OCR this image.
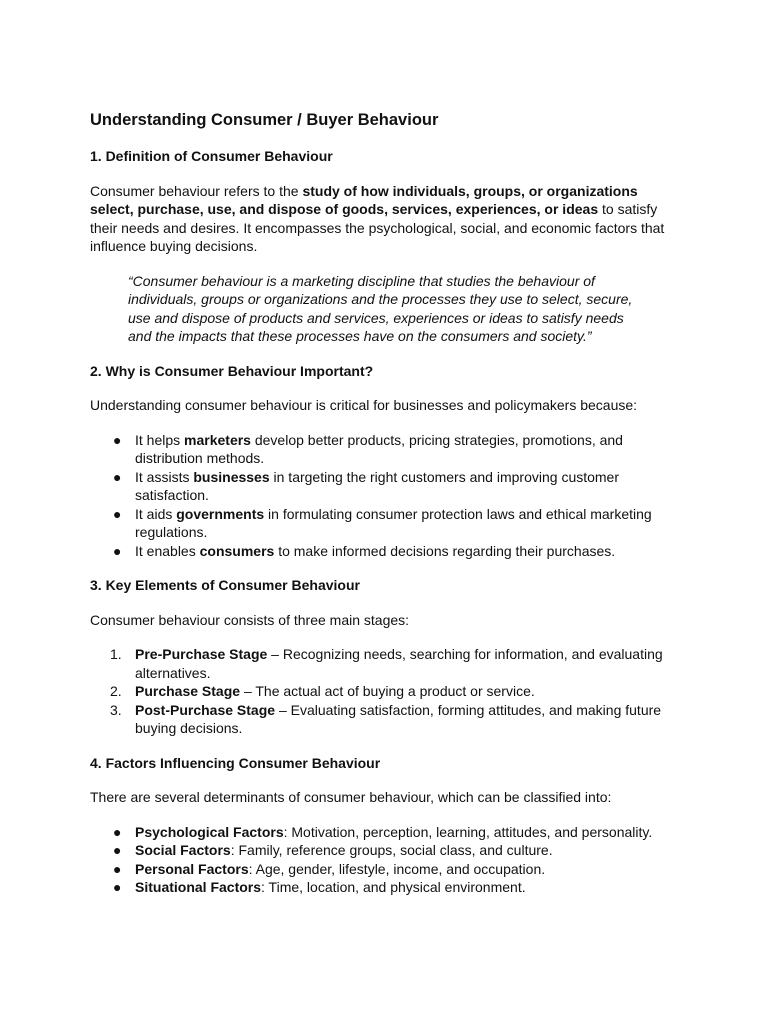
Understanding Consumer / Buyer Behaviour
1. Definition of Consumer Behaviour

Consumer behaviour refers to the study of how individuals, groups, or organizations select, purchase, use, and dispose of goods, services, experiences, or ideas to satisfy their needs and desires. It encompasses the psychological, social, and economic factors that influence buying decisions.

“Consumer behaviour is a marketing discipline that studies the behaviour of individuals, groups or organizations and the processes they use to select, secure, use and dispose of products and services, experiences or ideas to satisfy needs and the impacts that these processes have on the consumers and society.”
2. Why is Consumer Behaviour Important?

Understanding consumer behaviour is critical for businesses and policymakers because:

● It helps marketers develop better products, pricing strategies, promotions, and distribution methods.
● It assists businesses in targeting the right customers and improving customer satisfaction.
● It aids governments in formulating consumer protection laws and ethical marketing regulations.
● It enables consumers to make informed decisions regarding their purchases.
3. Key Elements of Consumer Behaviour

Consumer behaviour consists of three main stages:

1. Pre-Purchase Stage – Recognizing needs, searching for information, and evaluating alternatives.
2. Purchase Stage – The actual act of buying a product or service.
3. Post-Purchase Stage – Evaluating satisfaction, forming attitudes, and making future buying decisions.
4. Factors Influencing Consumer Behaviour

There are several determinants of consumer behaviour, which can be classified into:

● Psychological Factors: Motivation, perception, learning, attitudes, and personality.
● Social Factors: Family, reference groups, social class, and culture.
● Personal Factors: Age, gender, lifestyle, income, and occupation.
● Situational Factors: Time, location, and physical environment.
